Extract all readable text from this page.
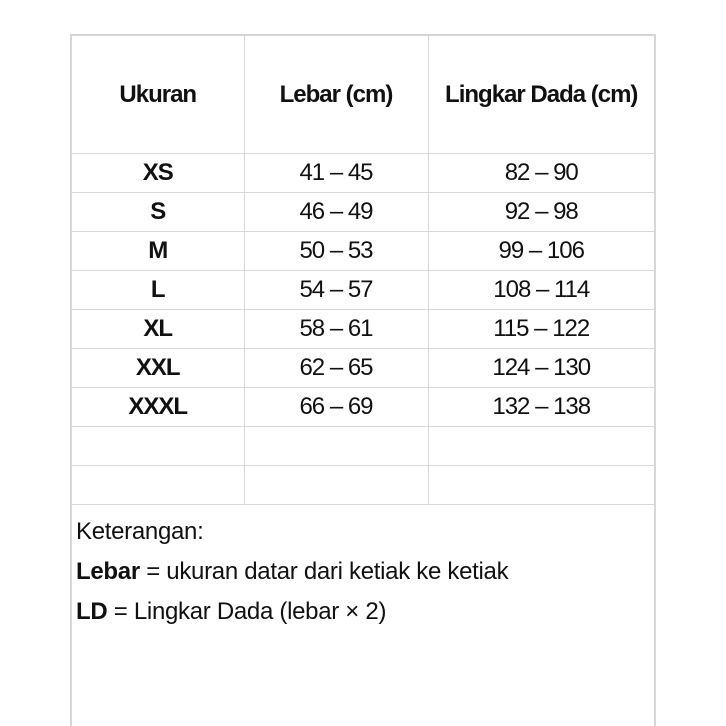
Ukuran	Lebar (cm)	Lingkar Dada (cm)
XS	41 – 45	82 – 90
S	46 – 49	92 – 98
M	50 – 53	99 – 106
L	54 – 57	108 – 114
XL	58 – 61	115 – 122
XXL	62 – 65	124 – 130
XXXL	66 – 69	132 – 138

Keterangan:
Lebar = ukuran datar dari ketiak ke ketiak
LD = Lingkar Dada (lebar × 2)
